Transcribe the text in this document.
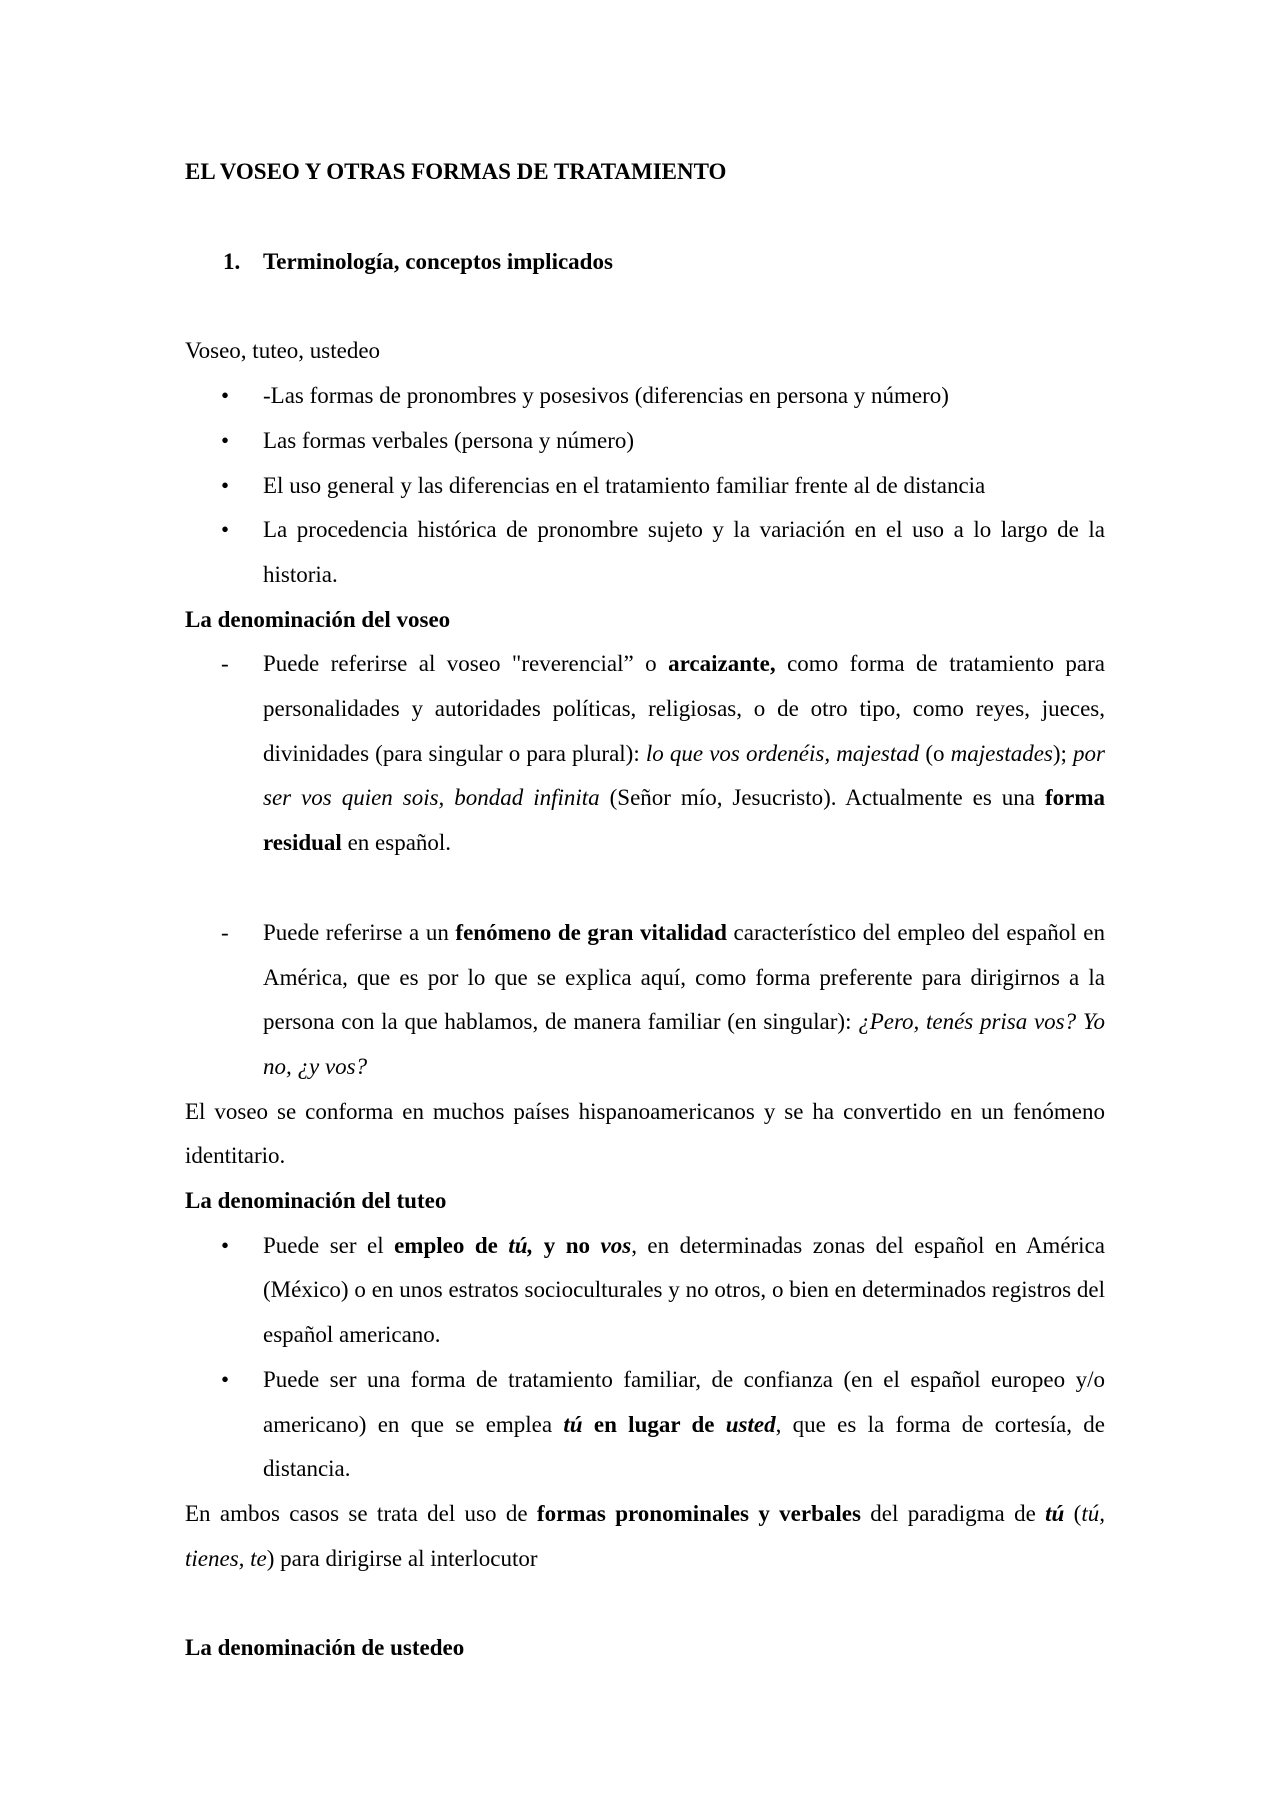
EL VOSEO Y OTRAS FORMAS DE TRATAMIENTO
1. Terminología, conceptos implicados

Voseo, tuteo, ustedeo

•	-Las formas de pronombres y posesivos (diferencias en persona y número)
•	Las formas verbales (persona y número)
•	El uso general y las diferencias en el tratamiento familiar frente al de distancia
•	La procedencia histórica de pronombre sujeto y la variación en el uso a lo largo de la historia.
La denominación del voseo
-	Puede referirse al voseo "reverencial” o arcaizante, como forma de tratamiento para personalidades y autoridades políticas, religiosas, o de otro tipo, como reyes, jueces, divinidades (para singular o para plural): lo que vos ordenéis, majestad (o majestades); por ser vos quien sois, bondad infinita (Señor mío, Jesucristo). Actualmente es una forma residual en español.
-	Puede referirse a un fenómeno de gran vitalidad característico del empleo del español en América, que es por lo que se explica aquí, como forma preferente para dirigirnos a la persona con la que hablamos, de manera familiar (en singular): ¿Pero, tenés prisa vos? Yo no, ¿y vos?

El voseo se conforma en muchos países hispanoamericanos y se ha convertido en un fenómeno identitario.

La denominación del tuteo
•	Puede ser el empleo de tú, y no vos, en determinadas zonas del español en América (México) o en unos estratos socioculturales y no otros, o bien en determinados registros del español americano.
•	Puede ser una forma de tratamiento familiar, de confianza (en el español europeo y/o americano) en que se emplea tú en lugar de usted, que es la forma de cortesía, de distancia.

En ambos casos se trata del uso de formas pronominales y verbales del paradigma de tú (tú, tienes, te) para dirigirse al interlocutor

La denominación de ustedeo
